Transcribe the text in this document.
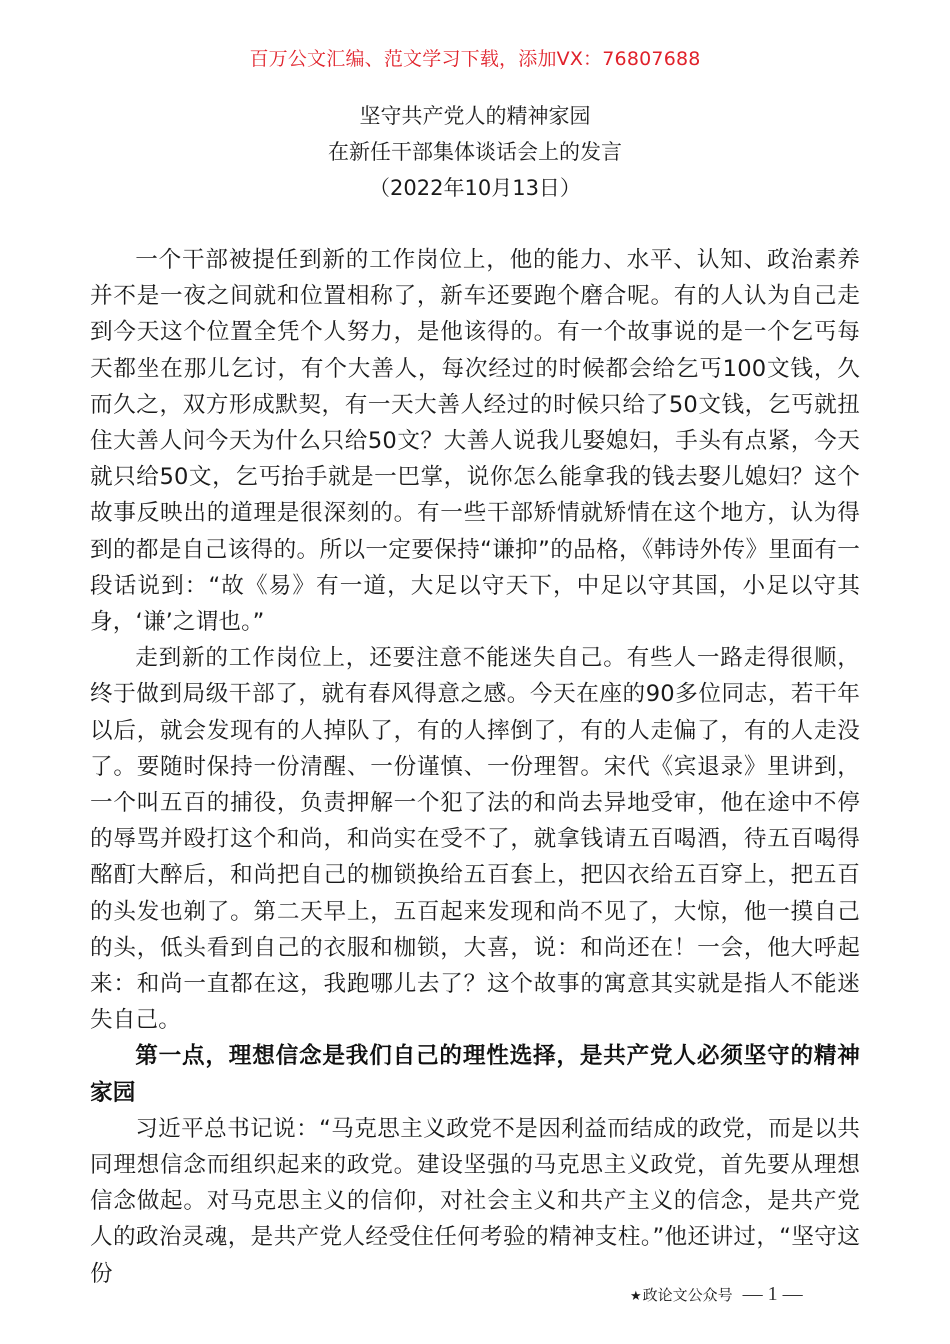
百万公文汇编、范文学习下载，添加VX：76807688
坚守共产党人的精神家园
在新任干部集体谈话会上的发言
（2022年10月13日）

一个干部被提任到新的工作岗位上，他的能力、水平、认知、政治素养并不是一夜之间就和位置相称了，新车还要跑个磨合呢。有的人认为自己走到今天这个位置全凭个人努力，是他该得的。有一个故事说的是一个乞丐每天都坐在那儿乞讨，有个大善人，每次经过的时候都会给乞丐100文钱，久而久之，双方形成默契，有一天大善人经过的时候只给了50文钱，乞丐就扭住大善人问今天为什么只给50文？大善人说我儿娶媳妇，手头有点紧，今天就只给50文，乞丐抬手就是一巴掌，说你怎么能拿我的钱去娶儿媳妇？这个故事反映出的道理是很深刻的。有一些干部矫情就矫情在这个地方，认为得到的都是自己该得的。所以一定要保持“谦抑”的品格，《韩诗外传》里面有一段话说到：“故《易》有一道，大足以守天下，中足以守其国，小足以守其身，‘谦’之谓也。”

走到新的工作岗位上，还要注意不能迷失自己。有些人一路走得很顺，终于做到局级干部了，就有春风得意之感。今天在座的90多位同志，若干年以后，就会发现有的人掉队了，有的人摔倒了，有的人走偏了，有的人走没了。要随时保持一份清醒、一份谨慎、一份理智。宋代《宾退录》里讲到，一个叫五百的捕役，负责押解一个犯了法的和尚去异地受审，他在途中不停的辱骂并殴打这个和尚，和尚实在受不了，就拿钱请五百喝酒，待五百喝得酩酊大醉后，和尚把自己的枷锁换给五百套上，把囚衣给五百穿上，把五百的头发也剃了。第二天早上，五百起来发现和尚不见了，大惊，他一摸自己的头，低头看到自己的衣服和枷锁，大喜，说：和尚还在！一会，他大呼起来：和尚一直都在这，我跑哪儿去了？这个故事的寓意其实就是指人不能迷失自己。

第一点，理想信念是我们自己的理性选择，是共产党人必须坚守的精神家园

习近平总书记说：“马克思主义政党不是因利益而结成的政党，而是以共同理想信念而组织起来的政党。建设坚强的马克思主义政党，首先要从理想信念做起。对马克思主义的信仰，对社会主义和共产主义的信念，是共产党人的政治灵魂，是共产党人经受住任何考验的精神支柱。”他还讲过，“坚守这份

★政论文公众号 — 1 —
